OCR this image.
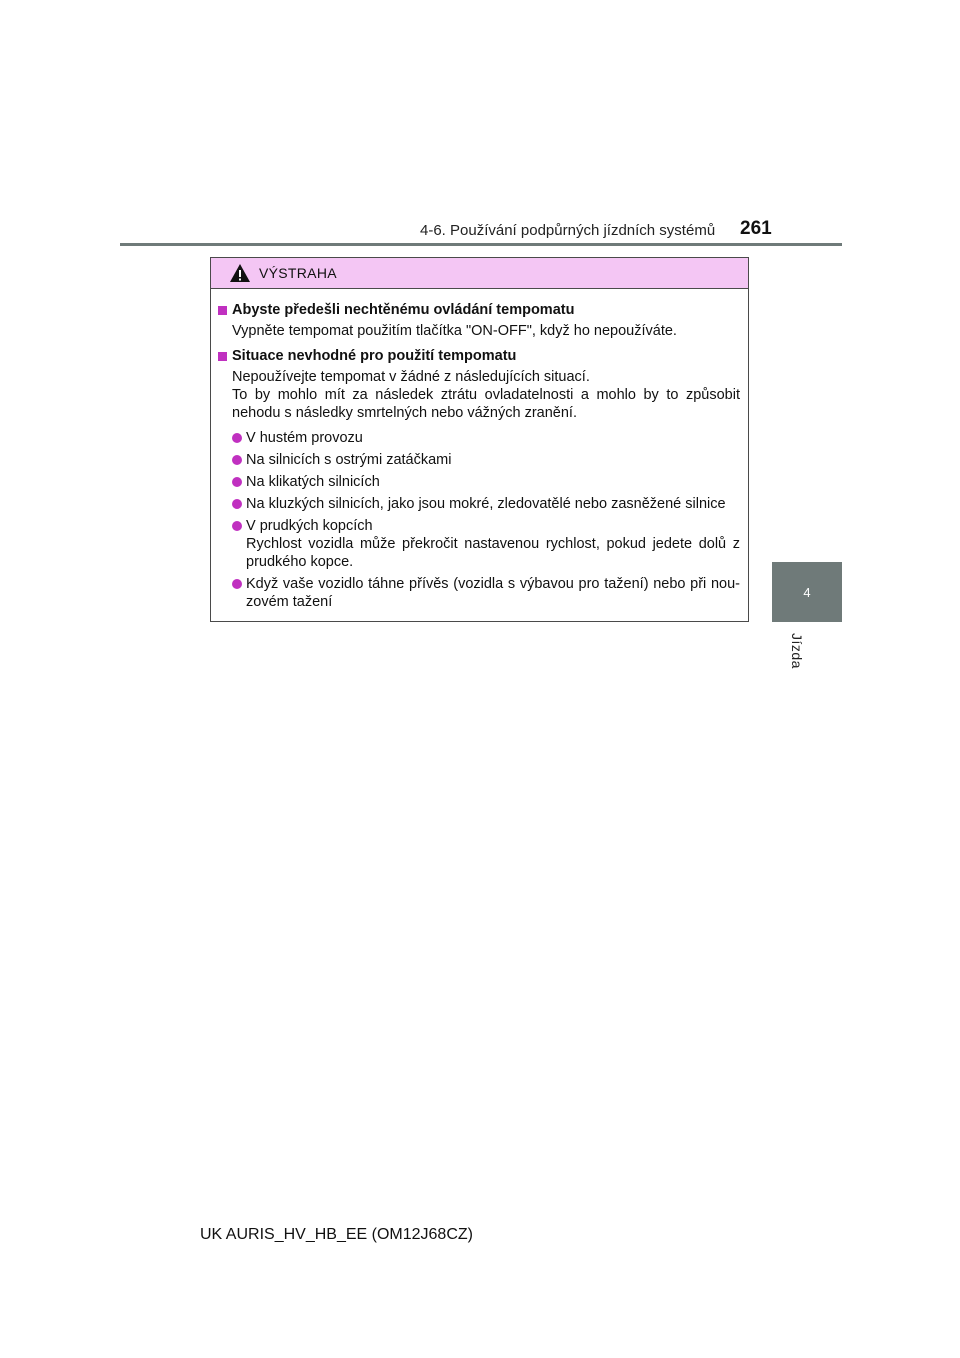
4-6. Používání podpůrných jízdních systémů 261
4
Jízda
VÝSTRAHA
Abyste předešli nechtěnému ovládání tempomatu
Vypněte tempomat použitím tlačítka "ON-OFF", když ho nepoužíváte.
Situace nevhodné pro použití tempomatu
Nepoužívejte tempomat v žádné z následujících situací.
To by mohlo mít za následek ztrátu ovladatelnosti a mohlo by to způsobit nehodu s následky smrtelných nebo vážných zranění.
V hustém provozu
Na silnicích s ostrými zatáčkami
Na klikatých silnicích
Na kluzkých silnicích, jako jsou mokré, zledovatělé nebo zasněžené silnice
V prudkých kopcích
Rychlost vozidla může překročit nastavenou rychlost, pokud jedete dolů z prudkého kopce.
Když vaše vozidlo táhne přívěs (vozidla s výbavou pro tažení) nebo při nou-zovém tažení
UK AURIS_HV_HB_EE (OM12J68CZ)
